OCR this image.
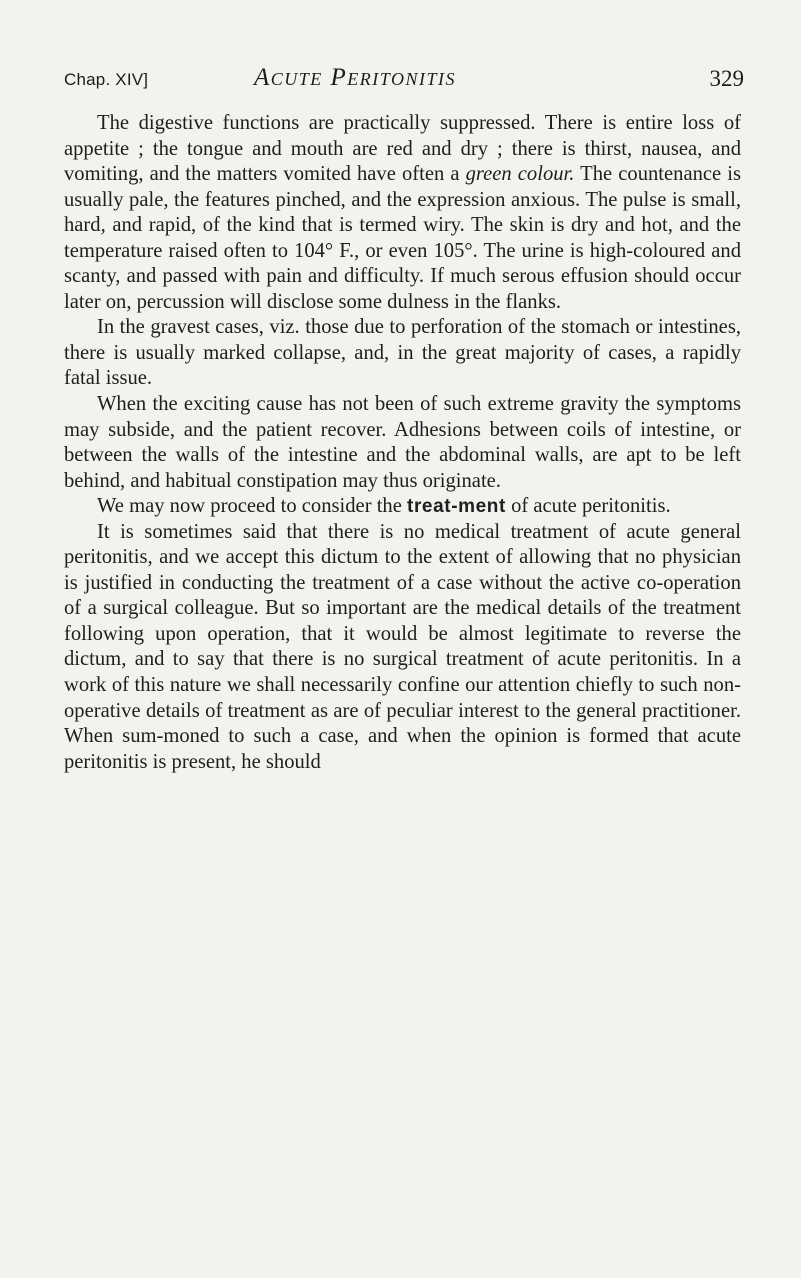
Chap. XIV]	Acute Peritonitis	329

The digestive functions are practically suppressed. There is entire loss of appetite ; the tongue and mouth are red and dry ; there is thirst, nausea, and vomiting, and the matters vomited have often a green colour. The countenance is usually pale, the features pinched, and the expression anxious. The pulse is small, hard, and rapid, of the kind that is termed wiry. The skin is dry and hot, and the temperature raised often to 104° F., or even 105°. The urine is high-coloured and scanty, and passed with pain and difficulty. If much serous effusion should occur later on, percussion will disclose some dulness in the flanks.

In the gravest cases, viz. those due to perforation of the stomach or intestines, there is usually marked collapse, and, in the great majority of cases, a rapidly fatal issue.

When the exciting cause has not been of such extreme gravity the symptoms may subside, and the patient recover. Adhesions between coils of intestine, or between the walls of the intestine and the abdominal walls, are apt to be left behind, and habitual constipation may thus originate.

We may now proceed to consider the treat-ment of acute peritonitis.

It is sometimes said that there is no medical treatment of acute general peritonitis, and we accept this dictum to the extent of allowing that no physician is justified in conducting the treatment of a case without the active co-operation of a surgical colleague. But so important are the medical details of the treatment following upon operation, that it would be almost legitimate to reverse the dictum, and to say that there is no surgical treatment of acute peritonitis. In a work of this nature we shall necessarily confine our attention chiefly to such non-operative details of treatment as are of peculiar interest to the general practitioner. When sum-moned to such a case, and when the opinion is formed that acute peritonitis is present, he should
